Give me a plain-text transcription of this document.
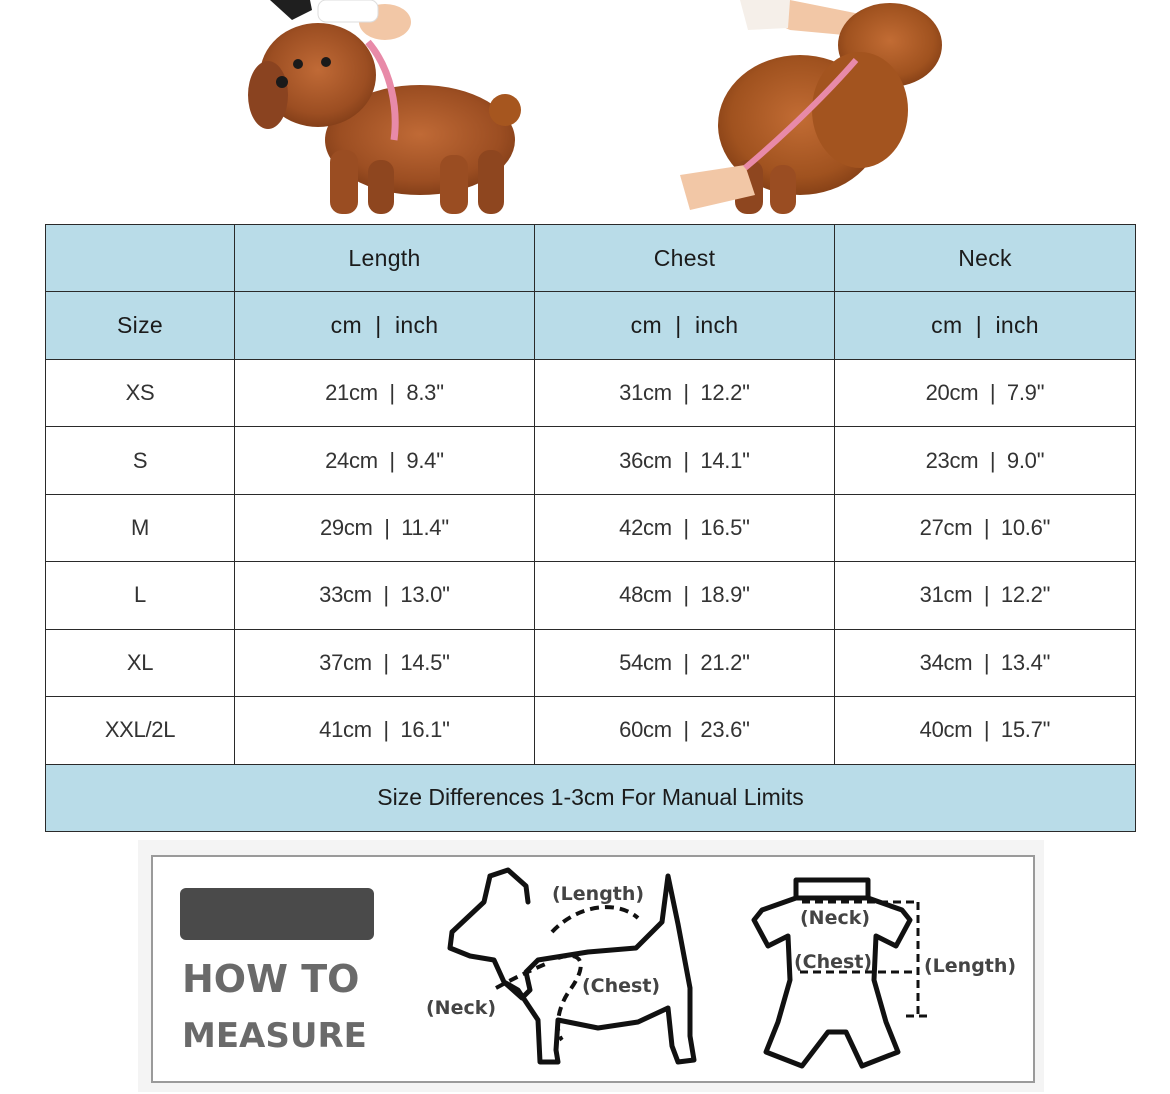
	Length	Chest	Neck
Size	cm  |  inch	cm  |  inch	cm  |  inch
XS	21cm  |  8.3''	31cm  |  12.2''	20cm  |  7.9''
S	24cm  |  9.4''	36cm  |  14.1''	23cm  |  9.0''
M	29cm  |  11.4''	42cm  |  16.5''	27cm  |  10.6''
L	33cm  |  13.0''	48cm  |  18.9''	31cm  |  12.2''
XL	37cm  |  14.5''	54cm  |  21.2''	34cm  |  13.4''
XXL/2L	41cm  |  16.1''	60cm  |  23.6''	40cm  |  15.7''
Size Differences 1-3cm For Manual Limits			
HOW TO
MEASURE
(Length)
(Chest)
(Neck)
(Neck)
(Chest)	(Length)
